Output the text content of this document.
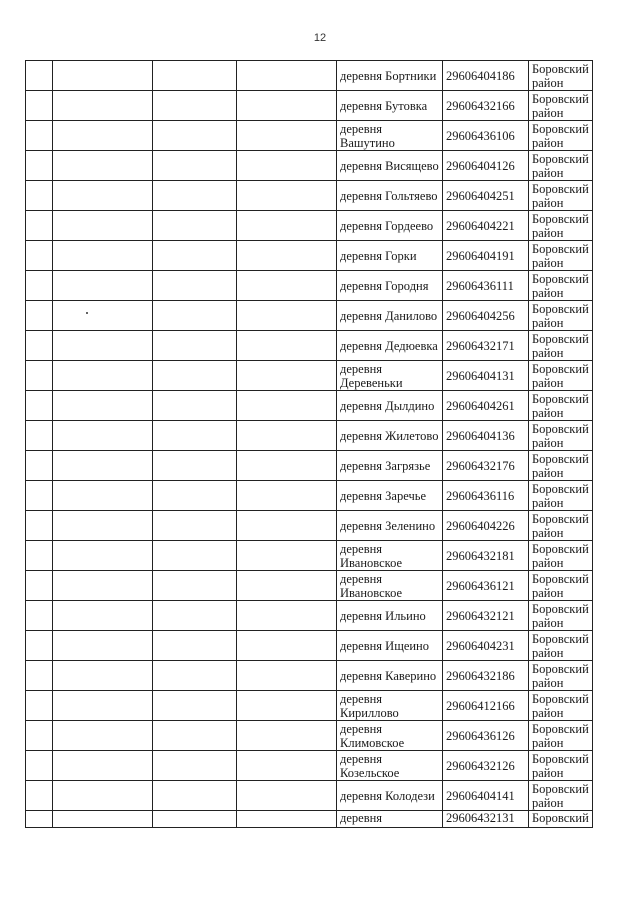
12
				деревня Бортники	29606404186	Боровский район
				деревня Бутовка	29606432166	Боровский район
				деревня Вашутино	29606436106	Боровский район
				деревня Висящево	29606404126	Боровский район
				деревня Гольтяево	29606404251	Боровский район
				деревня Гордеево	29606404221	Боровский район
				деревня Горки	29606404191	Боровский район
				деревня Городня	29606436111	Боровский район
				деревня Данилово	29606404256	Боровский район
				деревня Дедюевка	29606432171	Боровский район
				деревня Деревеньки	29606404131	Боровский район
				деревня Дылдино	29606404261	Боровский район
				деревня Жилетово	29606404136	Боровский район
				деревня Загрязье	29606432176	Боровский район
				деревня Заречье	29606436116	Боровский район
				деревня Зеленино	29606404226	Боровский район
				деревня Ивановское	29606432181	Боровский район
				деревня Ивановское	29606436121	Боровский район
				деревня Ильино	29606432121	Боровский район
				деревня Ищеино	29606404231	Боровский район
				деревня Каверино	29606432186	Боровский район
				деревня Кириллово	29606412166	Боровский район
				деревня Климовское	29606436126	Боровский район
				деревня Козельское	29606432126	Боровский район
				деревня Колодези	29606404141	Боровский район
				деревня	29606432131	Боровский
